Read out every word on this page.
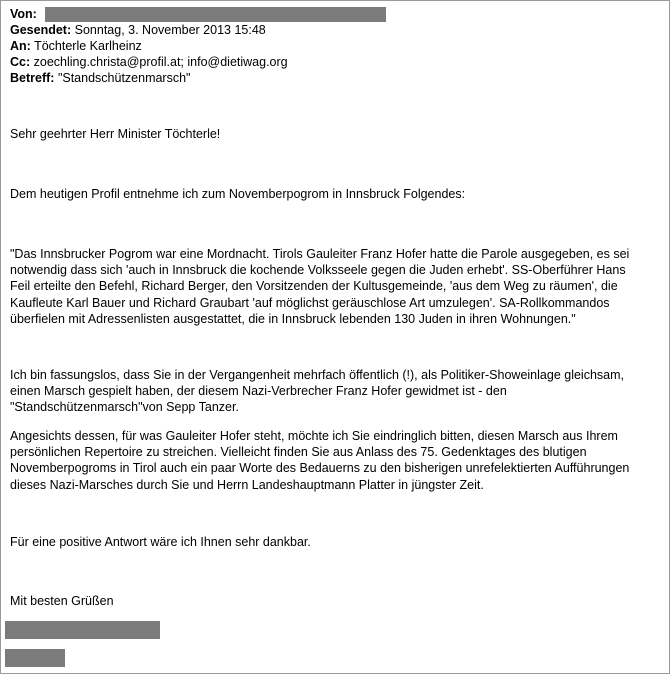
Von:
Gesendet: Sonntag, 3. November 2013 15:48
An: Töchterle Karlheinz
Cc: zoechling.christa@profil.at; info@dietiwag.org
Betreff: "Standschützenmarsch"
Sehr geehrter Herr Minister Töchterle!
Dem heutigen Profil entnehme ich zum Novemberpogrom in Innsbruck Folgendes:
"Das Innsbrucker Pogrom war eine Mordnacht. Tirols Gauleiter Franz Hofer hatte die Parole ausgegeben, es sei
notwendig dass sich 'auch in Innsbruck die kochende Volksseele gegen die Juden erhebt'. SS-Oberführer Hans
Feil erteilte den Befehl, Richard Berger, den Vorsitzenden der Kultusgemeinde, 'aus dem Weg zu räumen', die
Kaufleute Karl Bauer und Richard Graubart 'auf möglichst geräuschlose Art umzulegen'. SA-Rollkommandos
überfielen mit Adressenlisten ausgestattet, die in Innsbruck lebenden 130 Juden in ihren Wohnungen."
Ich bin fassungslos, dass Sie in der Vergangenheit mehrfach öffentlich (!), als Politiker-Showeinlage gleichsam,
einen Marsch gespielt haben, der diesem Nazi-Verbrecher Franz Hofer gewidmet ist - den
"Standschützenmarsch"von Sepp Tanzer.
Angesichts dessen, für was Gauleiter Hofer steht, möchte ich Sie eindringlich bitten, diesen Marsch aus Ihrem
persönlichen Repertoire zu streichen. Vielleicht finden Sie aus Anlass des 75. Gedenktages des blutigen
Novemberpogroms in Tirol auch ein paar Worte des Bedauerns zu den bisherigen unrefelektierten Aufführungen
dieses Nazi-Marsches durch Sie und Herrn Landeshauptmann Platter in jüngster Zeit.
Für eine positive Antwort wäre ich Ihnen sehr dankbar.
Mit besten Grüßen
